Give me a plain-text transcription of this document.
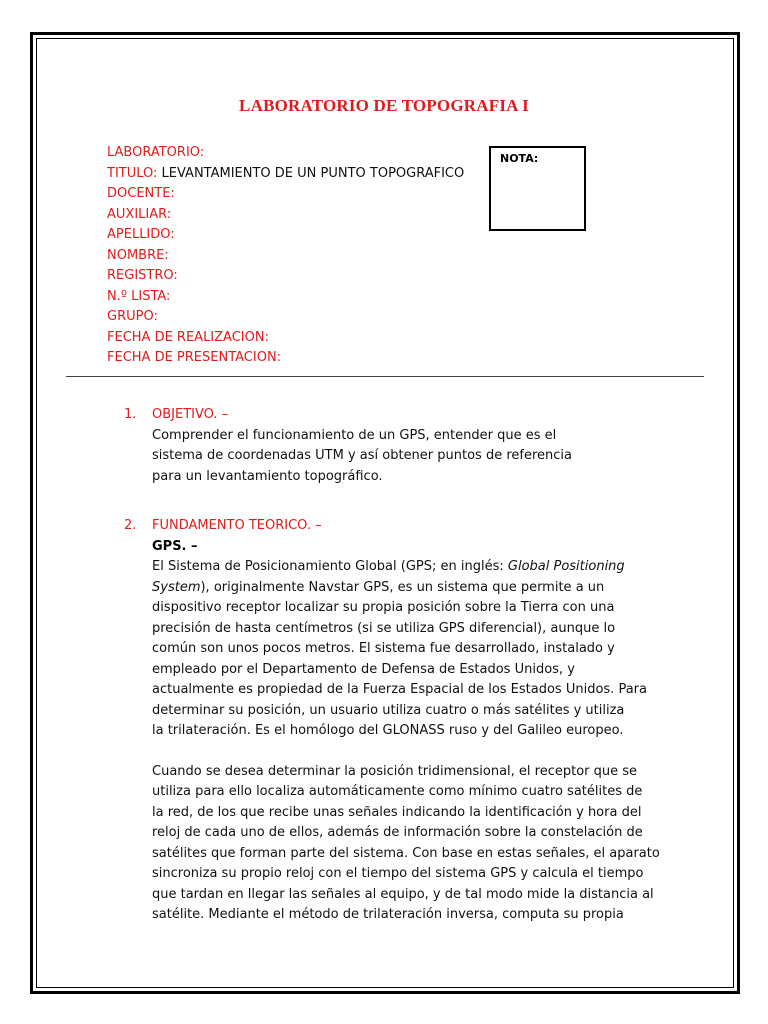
LABORATORIO DE TOPOGRAFIA I
LABORATORIO:
TITULO: LEVANTAMIENTO DE UN PUNTO TOPOGRAFICO
DOCENTE:
AUXILIAR:
APELLIDO:
NOMBRE:
REGISTRO:
N.º LISTA:
GRUPO:
FECHA DE REALIZACION:
FECHA DE PRESENTACION:
NOTA:
1. OBJETIVO. –
Comprender el funcionamiento de un GPS, entender que es el
sistema de coordenadas UTM y así obtener puntos de referencia
para un levantamiento topográfico.
2. FUNDAMENTO TEORICO. –
GPS. –
El Sistema de Posicionamiento Global (GPS; en inglés: Global Positioning
System), originalmente Navstar GPS, es un sistema que permite a un
dispositivo receptor localizar su propia posición sobre la Tierra con una
precisión de hasta centímetros (si se utiliza GPS diferencial), aunque lo
común son unos pocos metros. El sistema fue desarrollado, instalado y
empleado por el Departamento de Defensa de Estados Unidos, y
actualmente es propiedad de la Fuerza Espacial de los Estados Unidos. Para
determinar su posición, un usuario utiliza cuatro o más satélites y utiliza
la trilateración. Es el homólogo del GLONASS ruso y del Galileo europeo.
Cuando se desea determinar la posición tridimensional, el receptor que se
utiliza para ello localiza automáticamente como mínimo cuatro satélites de
la red, de los que recibe unas señales indicando la identificación y hora del
reloj de cada uno de ellos, además de información sobre la constelación de
satélites que forman parte del sistema. Con base en estas señales, el aparato
sincroniza su propio reloj con el tiempo del sistema GPS y calcula el tiempo
que tardan en llegar las señales al equipo, y de tal modo mide la distancia al
satélite. Mediante el método de trilateración inversa, computa su propia
